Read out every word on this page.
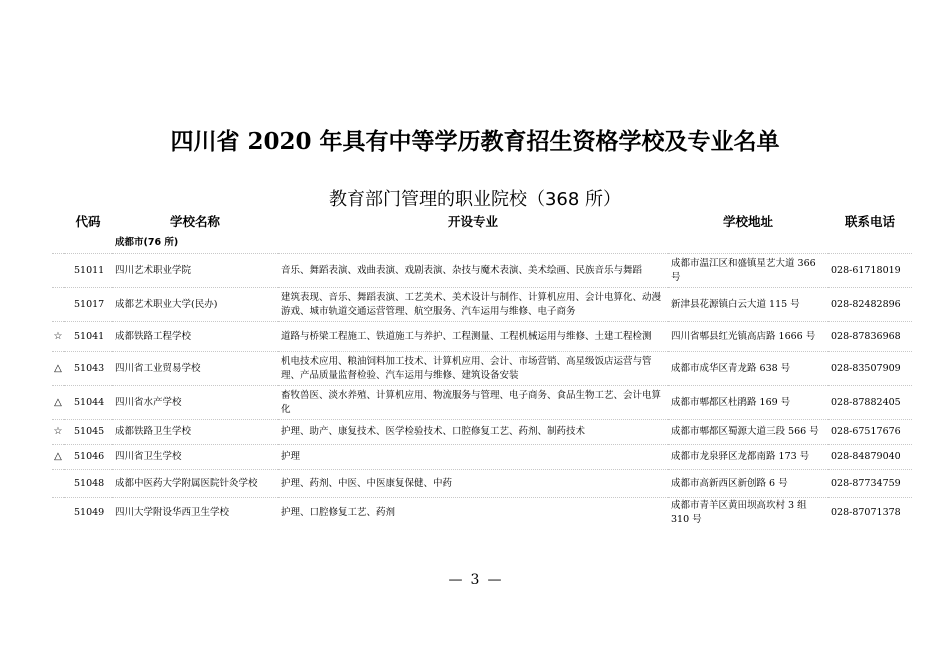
四川省 2020 年具有中等学历教育招生资格学校及专业名单
教育部门管理的职业院校（368 所）
	代码	学校名称	开设专业	学校地址	联系电话
		成都市(76 所)			
	51011	四川艺术职业学院	音乐、舞蹈表演、戏曲表演、戏剧表演、杂技与魔术表演、美术绘画、民族音乐与舞蹈	成都市温江区和盛镇星艺大道 366 号	028-61718019
	51017	成都艺术职业大学(民办)	建筑表现、音乐、舞蹈表演、工艺美术、美术设计与制作、计算机应用、会计电算化、动漫游戏、城市轨道交通运营管理、航空服务、汽车运用与维修、电子商务	新津县花源镇白云大道 115 号	028-82482896
☆	51041	成都铁路工程学校	道路与桥梁工程施工、铁道施工与养护、工程测量、工程机械运用与维修、土建工程检测	四川省郫县红光镇高店路 1666 号	028-87836968
△	51043	四川省工业贸易学校	机电技术应用、粮油饲料加工技术、计算机应用、会计、市场营销、高星级饭店运营与管理、产品质量监督检验、汽车运用与维修、建筑设备安装	成都市成华区青龙路 638 号	028-83507909
△	51044	四川省水产学校	畜牧兽医、淡水养殖、计算机应用、物流服务与管理、电子商务、食品生物工艺、会计电算化	成都市郫都区杜鹃路 169 号	028-87882405
☆	51045	成都铁路卫生学校	护理、助产、康复技术、医学检验技术、口腔修复工艺、药剂、制药技术	成都市郫都区蜀源大道三段 566 号	028-67517676
△	51046	四川省卫生学校	护理	成都市龙泉驿区龙都南路 173 号	028-84879040
	51048	成都中医药大学附属医院针灸学校	护理、药剂、中医、中医康复保健、中药	成都市高新西区新创路 6 号	028-87734759
	51049	四川大学附设华西卫生学校	护理、口腔修复工艺、药剂	成都市青羊区黄田坝高坎村 3 组 310 号	028-87071378
— 3 —
